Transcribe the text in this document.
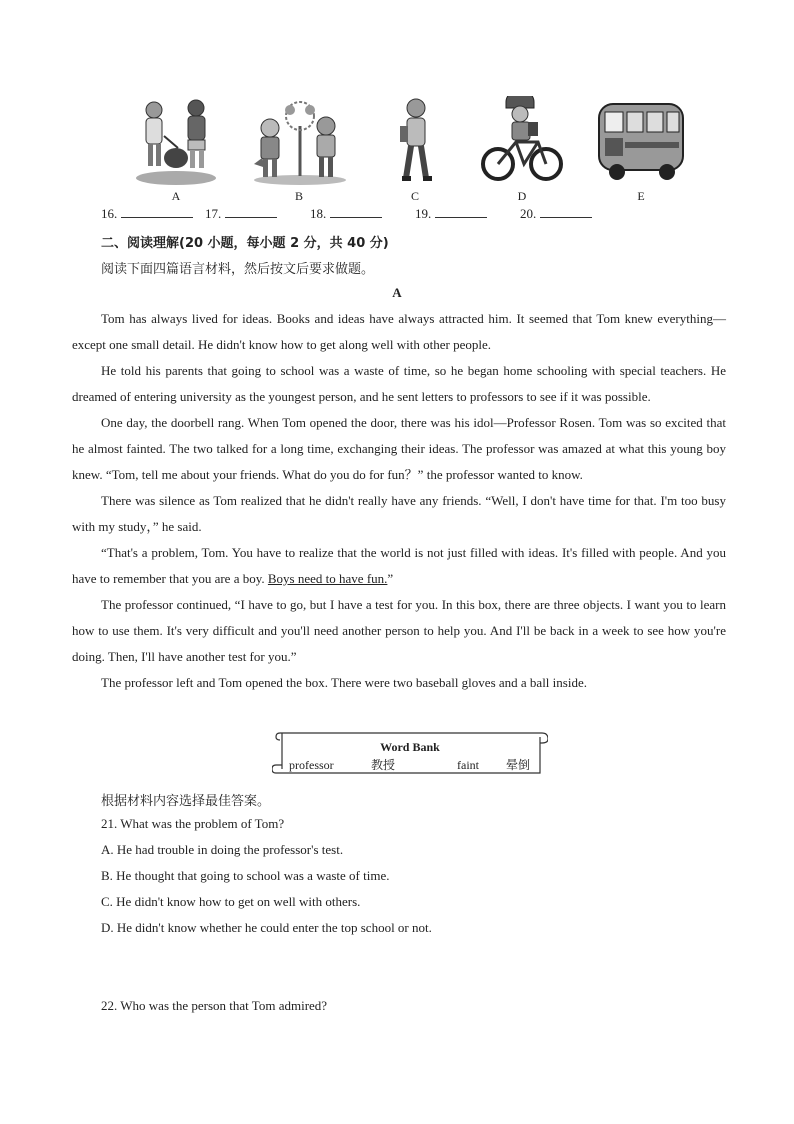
A	B	C	D	E
16.	17.	18.	19.	20.
二、阅读理解(20 小题，每小题 2 分，共 40 分)
阅读下面四篇语言材料，然后按文后要求做题。
A

Tom has always lived for ideas. Books and ideas have always attracted him. It seemed that Tom knew everything—except one small detail. He didn't know how to get along well with other people.

He told his parents that going to school was a waste of time, so he began home schooling with special teachers. He dreamed of entering university as the youngest person, and he sent letters to professors to see if it was possible.

One day, the doorbell rang. When Tom opened the door, there was his idol—Professor Rosen. Tom was so excited that he almost fainted. The two talked for a long time, exchanging their ideas. The professor was amazed at what this young boy knew. “Tom, tell me about your friends. What do you do for fun？” the professor wanted to know.

There was silence as Tom realized that he didn't really have any friends. “Well, I don't have time for that. I'm too busy with my study，” he said.

“That's a problem, Tom. You have to realize that the world is not just filled with ideas. It's filled with people. And you have to remember that you are a boy. Boys need to have fun.”

The professor continued, “I have to go, but I have a test for you. In this box, there are three objects. I want you to learn how to use them. It's very difficult and you'll need another person to help you. And I'll be back in a week to see how you're doing. Then, I'll have another test for you.”

The professor left and Tom opened the box. There were two baseball gloves and a ball inside.

Word Bank
professor	教授	faint 晕倒
根据材料内容选择最佳答案。
21. What was the problem of Tom?
A. He had trouble in doing the professor's test.
B. He thought that going to school was a waste of time.
C. He didn't know how to get on well with others.
D. He didn't know whether he could enter the top school or not.
22. Who was the person that Tom admired?
